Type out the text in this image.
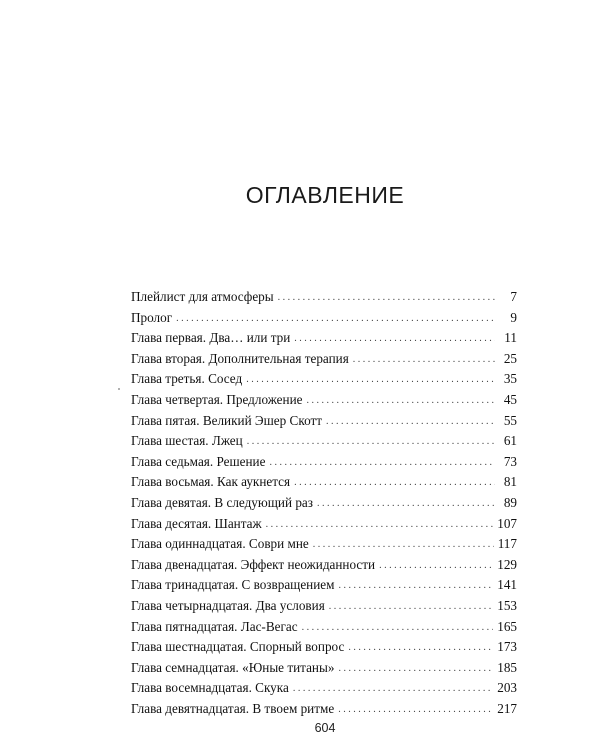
ОГЛАВЛЕНИЕ
Плейлист для атмосферы . . .	7
Пролог . . .	9
Глава первая. Два… или три . . .	11
Глава вторая. Дополнительная терапия . . .	25
Глава третья. Сосед . . .	35
Глава четвертая. Предложение . . .	45
Глава пятая. Великий Эшер Скотт . . .	55
Глава шестая. Лжец . . .	61
Глава седьмая. Решение . . .	73
Глава восьмая. Как аукнется . . .	81
Глава девятая. В следующий раз . . .	89
Глава десятая. Шантаж . . .	107
Глава одиннадцатая. Соври мне . . .	117
Глава двенадцатая. Эффект неожиданности . . .	129
Глава тринадцатая. С возвращением . . .	141
Глава четырнадцатая. Два условия . . .	153
Глава пятнадцатая. Лас-Вегас . . .	165
Глава шестнадцатая. Спорный вопрос . . .	173
Глава семнадцатая. «Юные титаны» . . .	185
Глава восемнадцатая. Скука . . .	203
Глава девятнадцатая. В твоем ритме . . .	217
604
